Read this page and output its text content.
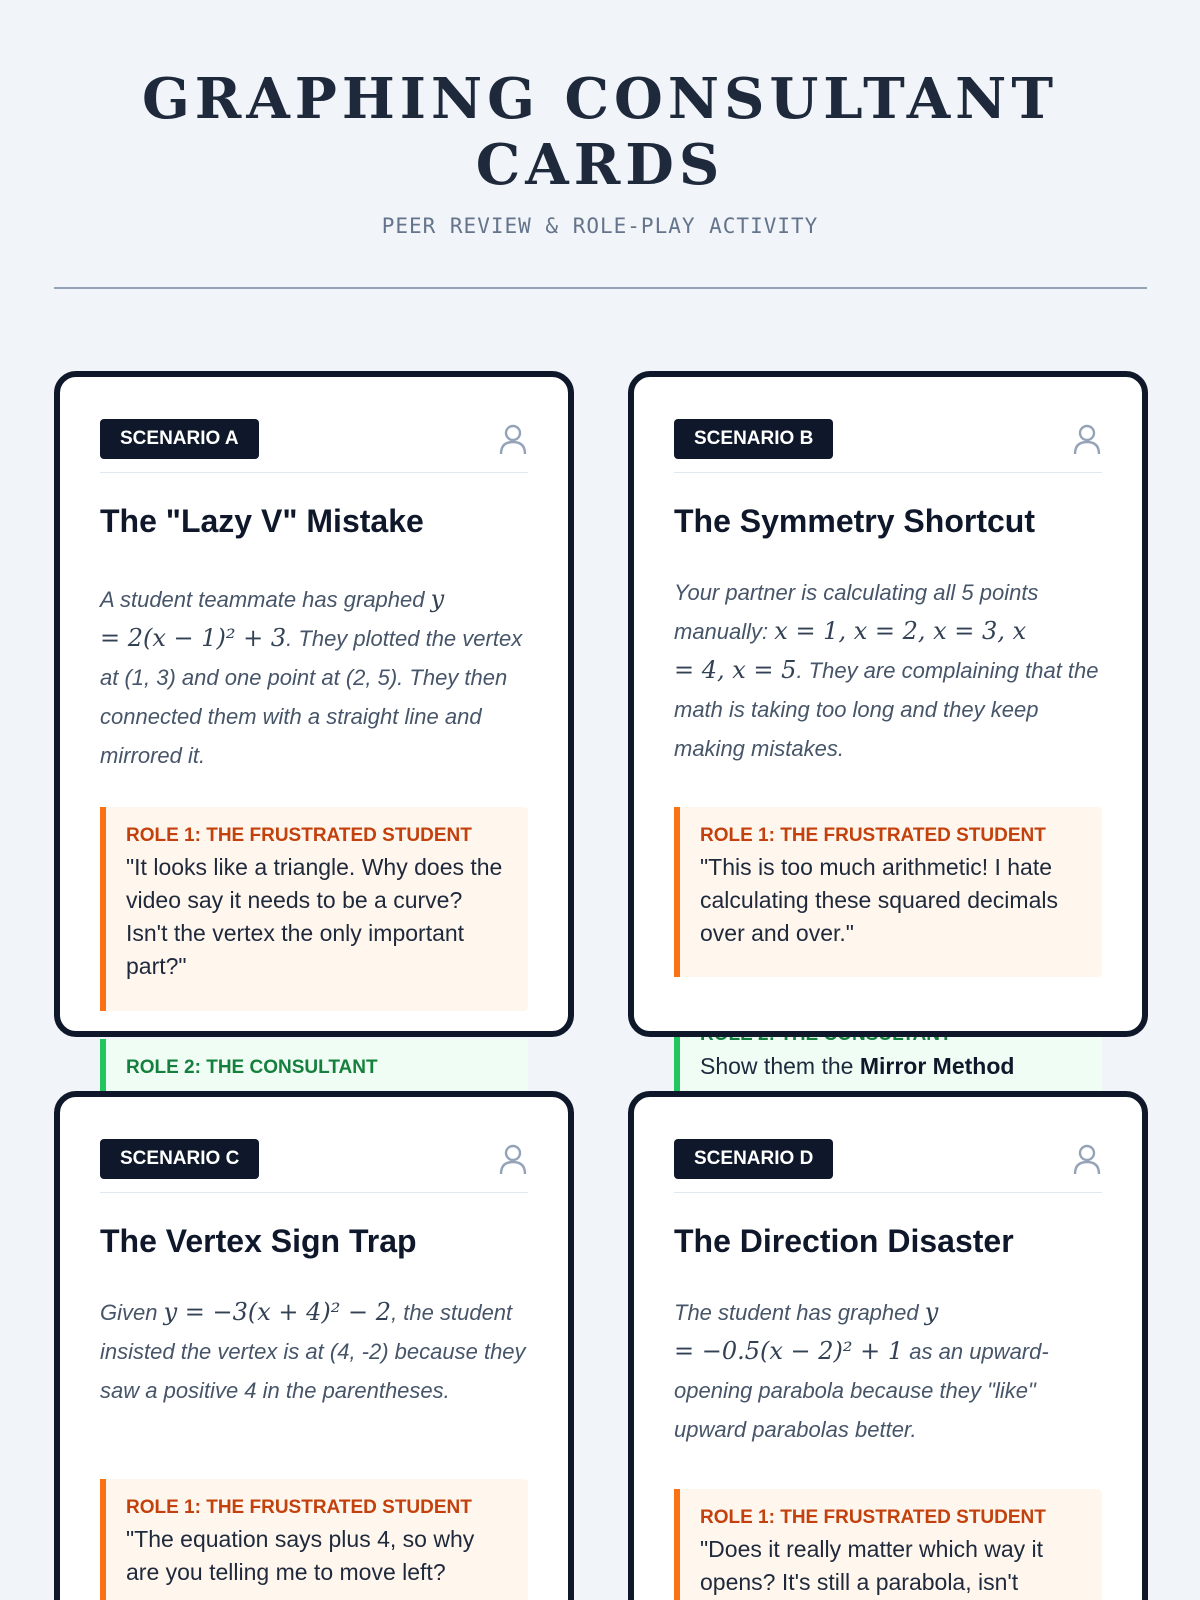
GRAPHING CONSULTANT CARDS
PEER REVIEW & ROLE-PLAY ACTIVITY
ROLE 2: THE CONSULTANT
SCENARIO A
The "Lazy V" Mistake
A student teammate has graphed y
= 2(x − 1)² + 3. They plotted the vertex at (1, 3) and one point at (2, 5). They then connected them with a straight line and mirrored it.
ROLE 1: THE FRUSTRATED STUDENT
"It looks like a triangle. Why does the video say it needs to be a curve? Isn't the vertex the only important part?"
Show them the Mirror Method
SCENARIO B
The Symmetry Shortcut
Your partner is calculating all 5 points manually: x = 1, x = 2, x = 3, x
= 4, x = 5. They are complaining that the math is taking too long and they keep making mistakes.
ROLE 1: THE FRUSTRATED STUDENT
"This is too much arithmetic! I hate calculating these squared decimals over and over."
SCENARIO C
The Vertex Sign Trap
Given y = −3(x + 4)² − 2, the student insisted the vertex is at (4, -2) because they saw a positive 4 in the parentheses.
ROLE 1: THE FRUSTRATED STUDENT
"The equation says plus 4, so why are you telling me to move left?
SCENARIO D
The Direction Disaster
The student has graphed y
= −0.5(x − 2)² + 1 as an upward-opening parabola because they "like" upward parabolas better.
ROLE 1: THE FRUSTRATED STUDENT
"Does it really matter which way it opens? It's still a parabola, isn't
